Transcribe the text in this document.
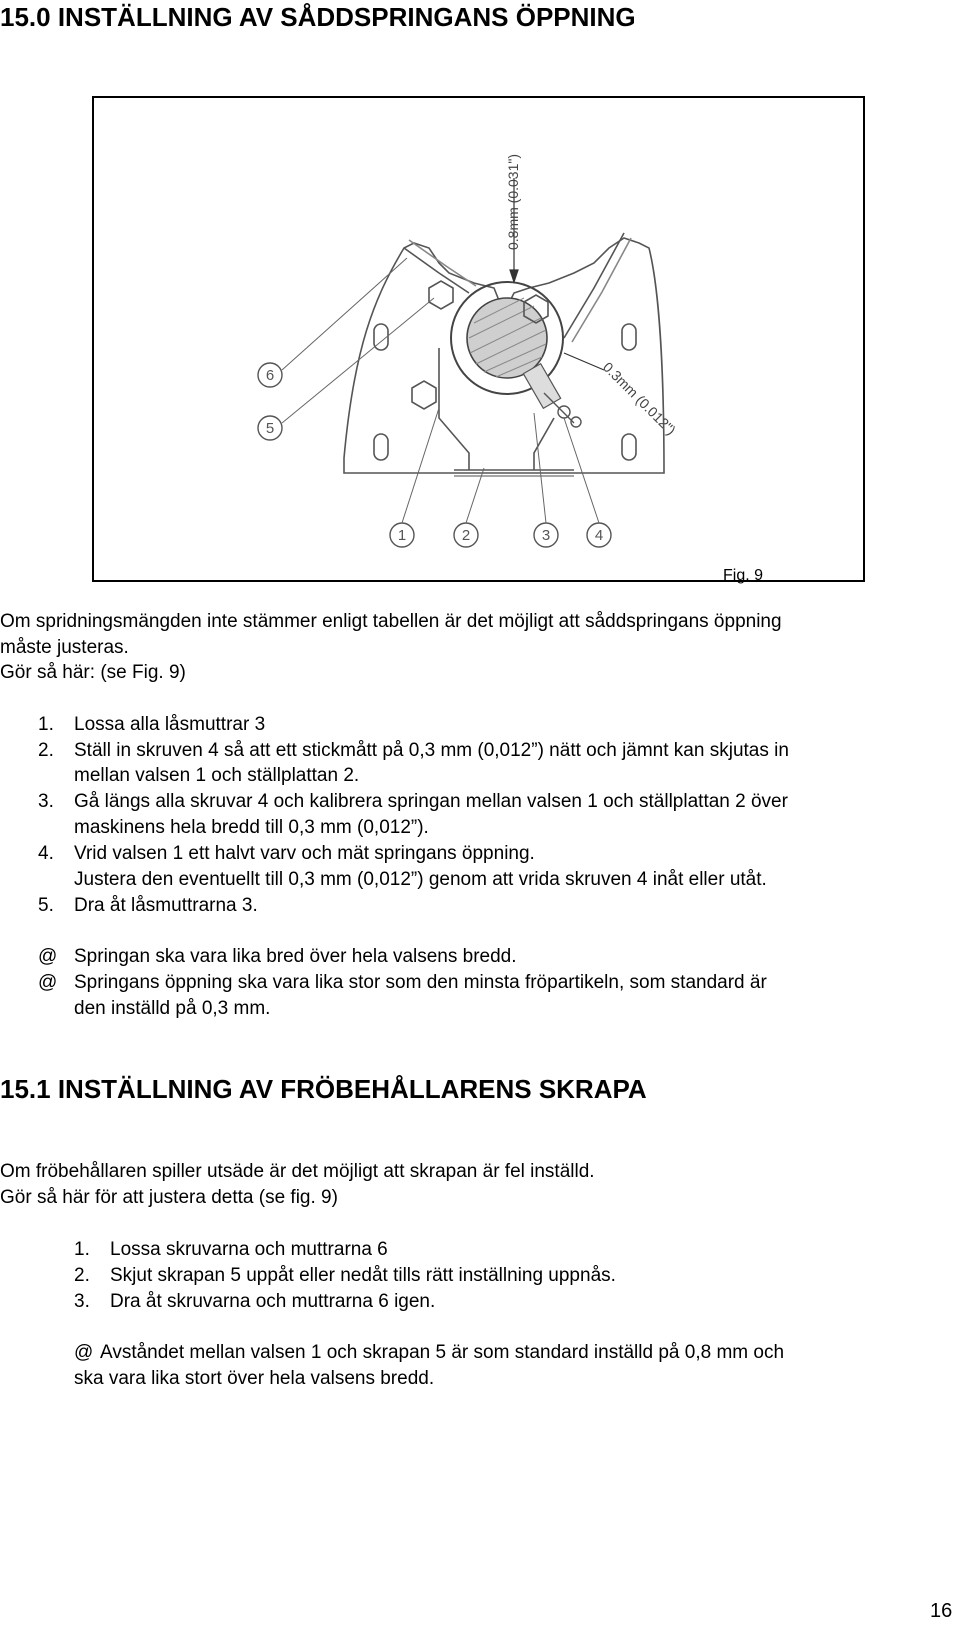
15.0 INSTÄLLNING AV SÅDDSPRINGANS ÖPPNING
0.8mm (0.031")
0.3mm (0.012")
6
5
1	2	3	4
Fig. 9
Om spridningsmängden inte stämmer enligt tabellen är det möjligt att såddspringans öppning
måste justeras.
Gör så här: (se Fig. 9)
1. Lossa alla låsmuttrar 3
2. Ställ in skruven 4 så att ett stickmått på 0,3 mm (0,012”) nätt och jämnt kan skjutas in
mellan valsen 1 och ställplattan 2.
3. Gå längs alla skruvar 4 och kalibrera springan mellan valsen 1 och ställplattan 2 över
maskinens hela bredd till 0,3 mm (0,012”).
4. Vrid valsen 1 ett halvt varv och mät springans öppning.
Justera den eventuellt till 0,3 mm (0,012”) genom att vrida skruven 4 inåt eller utåt.
5. Dra åt låsmuttrarna 3.
@ Springan ska vara lika bred över hela valsens bredd.
@ Springans öppning ska vara lika stor som den minsta fröpartikeln, som standard är
den inställd på 0,3 mm.
15.1 INSTÄLLNING AV FRÖBEHÅLLARENS SKRAPA
Om fröbehållaren spiller utsäde är det möjligt att skrapan är fel inställd.
Gör så här för att justera detta (se fig. 9)
1. Lossa skruvarna och muttrarna 6
2. Skjut skrapan 5 uppåt eller nedåt tills rätt inställning uppnås.
3. Dra åt skruvarna och muttrarna 6 igen.
@ Avståndet mellan valsen 1 och skrapan 5 är som standard inställd på 0,8 mm och
ska vara lika stort över hela valsens bredd.
16
